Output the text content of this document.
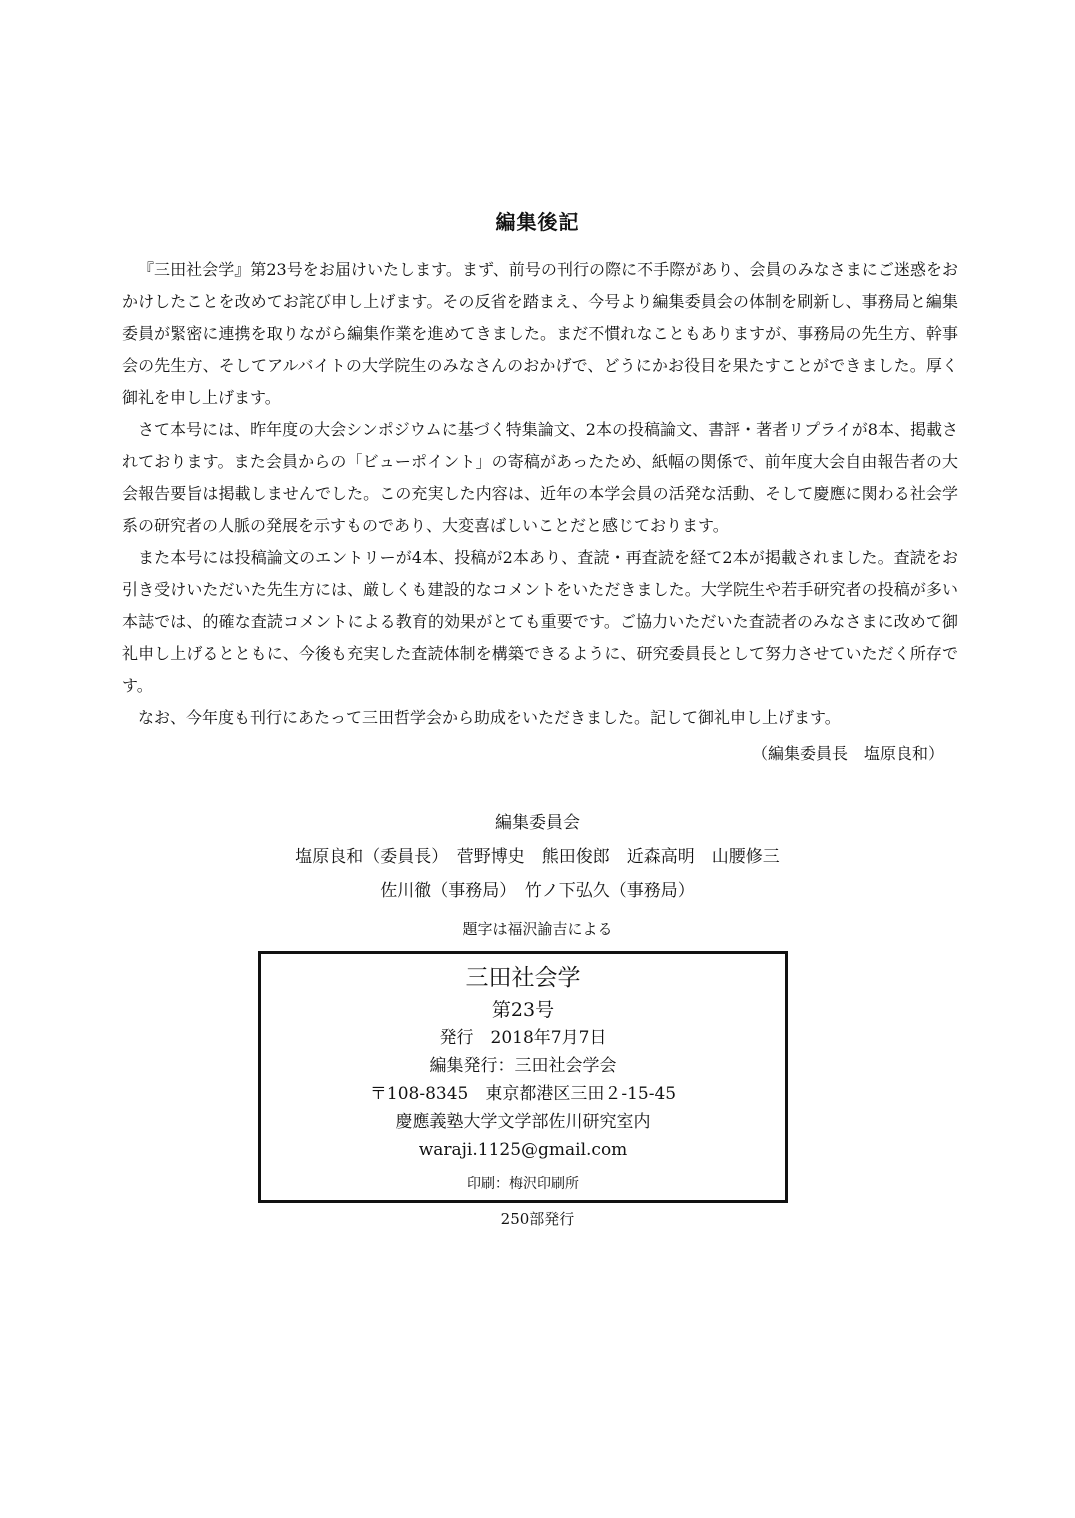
編集後記

『三田社会学』第23号をお届けいたします。まず、前号の刊行の際に不手際があり、会員のみなさまにご迷惑をおかけしたことを改めてお詫び申し上げます。その反省を踏まえ、今号より編集委員会の体制を刷新し、事務局と編集委員が緊密に連携を取りながら編集作業を進めてきました。まだ不慣れなこともありますが、事務局の先生方、幹事会の先生方、そしてアルバイトの大学院生のみなさんのおかげで、どうにかお役目を果たすことができました。厚く御礼を申し上げます。

さて本号には、昨年度の大会シンポジウムに基づく特集論文、2本の投稿論文、書評・著者リプライが8本、掲載されております。また会員からの「ビューポイント」の寄稿があったため、紙幅の関係で、前年度大会自由報告者の大会報告要旨は掲載しませんでした。この充実した内容は、近年の本学会員の活発な活動、そして慶應に関わる社会学系の研究者の人脈の発展を示すものであり、大変喜ばしいことだと感じております。

また本号には投稿論文のエントリーが4本、投稿が2本あり、査読・再査読を経て2本が掲載されました。査読をお引き受けいただいた先生方には、厳しくも建設的なコメントをいただきました。大学院生や若手研究者の投稿が多い本誌では、的確な査読コメントによる教育的効果がとても重要です。ご協力いただいた査読者のみなさまに改めて御礼申し上げるとともに、今後も充実した査読体制を構築できるように、研究委員長として努力させていただく所存です。

なお、今年度も刊行にあたって三田哲学会から助成をいただきました。記して御礼申し上げます。

（編集委員長　塩原良和）
編集委員会
塩原良和（委員長）　菅野博史　熊田俊郎　近森高明　山腰修三
佐川徹（事務局）　竹ノ下弘久（事務局）
題字は福沢諭吉による
三田社会学
第23号
発行　2018年7月7日
編集発行：三田社会学会
〒108-8345　東京都港区三田２-15-45
慶應義塾大学文学部佐川研究室内
waraji.1125@gmail.com
印刷：梅沢印刷所
250部発行
